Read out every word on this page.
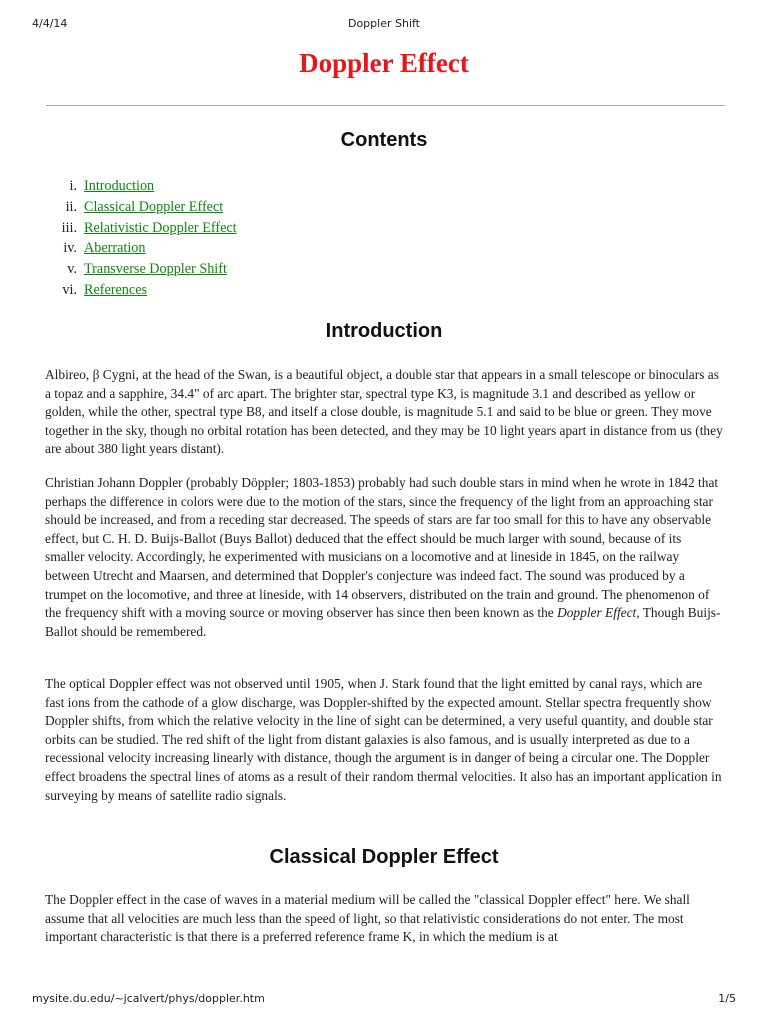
4/4/14	Doppler Shift
Doppler Effect
Contents
i. Introduction
ii. Classical Doppler Effect
iii. Relativistic Doppler Effect
iv. Aberration
v. Transverse Doppler Shift
vi. References
Introduction

Albireo, β Cygni, at the head of the Swan, is a beautiful object, a double star that appears in a small telescope or binoculars as a topaz and a sapphire, 34.4" of arc apart. The brighter star, spectral type K3, is magnitude 3.1 and described as yellow or golden, while the other, spectral type B8, and itself a close double, is magnitude 5.1 and said to be blue or green. They move together in the sky, though no orbital rotation has been detected, and they may be 10 light years apart in distance from us (they are about 380 light years distant).

Christian Johann Doppler (probably Döppler; 1803-1853) probably had such double stars in mind when he wrote in 1842 that perhaps the difference in colors were due to the motion of the stars, since the frequency of the light from an approaching star should be increased, and from a receding star decreased. The speeds of stars are far too small for this to have any observable effect, but C. H. D. Buijs-Ballot (Buys Ballot) deduced that the effect should be much larger with sound, because of its smaller velocity. Accordingly, he experimented with musicians on a locomotive and at lineside in 1845, on the railway between Utrecht and Maarsen, and determined that Doppler's conjecture was indeed fact. The sound was produced by a trumpet on the locomotive, and three at lineside, with 14 observers, distributed on the train and ground. The phenomenon of the frequency shift with a moving source or moving observer has since then been known as the Doppler Effect, Though Buijs-Ballot should be remembered.

The optical Doppler effect was not observed until 1905, when J. Stark found that the light emitted by canal rays, which are fast ions from the cathode of a glow discharge, was Doppler-shifted by the expected amount. Stellar spectra frequently show Doppler shifts, from which the relative velocity in the line of sight can be determined, a very useful quantity, and double star orbits can be studied. The red shift of the light from distant galaxies is also famous, and is usually interpreted as due to a recessional velocity increasing linearly with distance, though the argument is in danger of being a circular one. The Doppler effect broadens the spectral lines of atoms as a result of their random thermal velocities. It also has an important application in surveying by means of satellite radio signals.

Classical Doppler Effect

The Doppler effect in the case of waves in a material medium will be called the "classical Doppler effect" here. We shall assume that all velocities are much less than the speed of light, so that relativistic considerations do not enter. The most important characteristic is that there is a preferred reference frame K, in which the medium is at

mysite.du.edu/~jcalvert/phys/doppler.htm	1/5
